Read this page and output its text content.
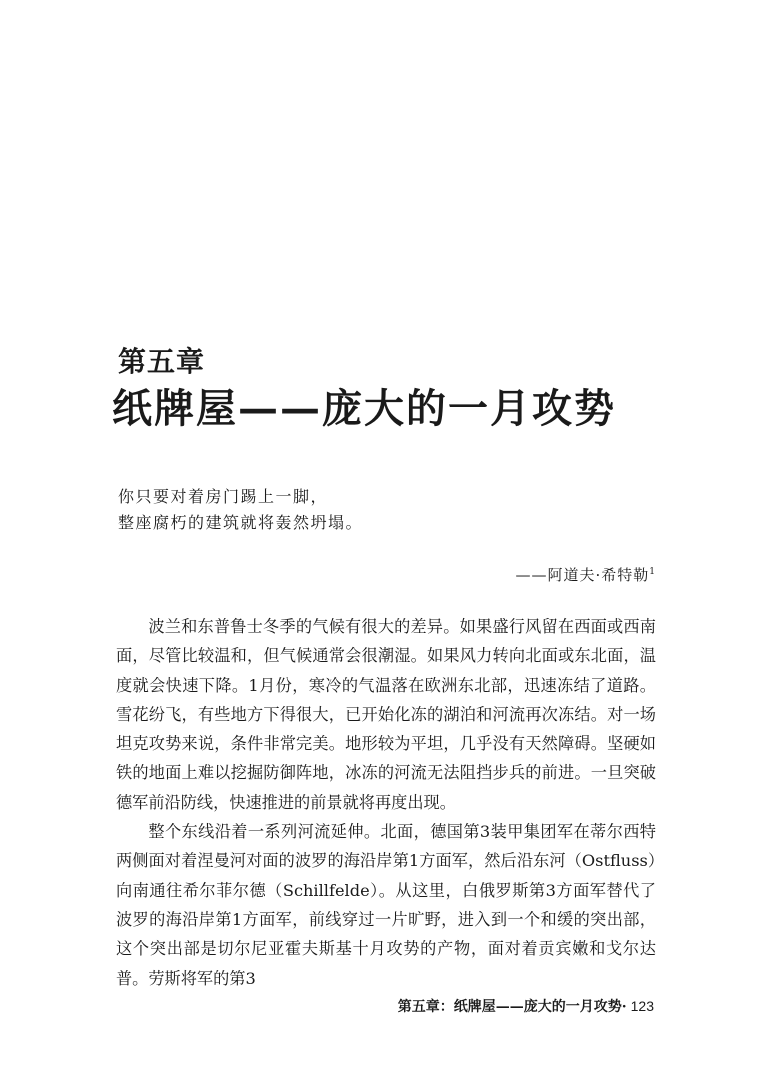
第五章
纸牌屋——庞大的一月攻势
你只要对着房门踢上一脚，
整座腐朽的建筑就将轰然坍塌。
——阿道夫·希特勒$^1$

波兰和东普鲁士冬季的气候有很大的差异。如果盛行风留在西面或西南面，尽管比较温和，但气候通常会很潮湿。如果风力转向北面或东北面，温度就会快速下降。1月份，寒冷的气温落在欧洲东北部，迅速冻结了道路。雪花纷飞，有些地方下得很大，已开始化冻的湖泊和河流再次冻结。对一场坦克攻势来说，条件非常完美。地形较为平坦，几乎没有天然障碍。坚硬如铁的地面上难以挖掘防御阵地，冰冻的河流无法阻挡步兵的前进。一旦突破德军前沿防线，快速推进的前景就将再度出现。

整个东线沿着一系列河流延伸。北面，德国第3装甲集团军在蒂尔西特两侧面对着涅曼河对面的波罗的海沿岸第1方面军，然后沿东河（Ostfluss）向南通往希尔菲尔德（Schillfelde）。从这里，白俄罗斯第3方面军替代了波罗的海沿岸第1方面军，前线穿过一片旷野，进入到一个和缓的突出部，这个突出部是切尔尼亚霍夫斯基十月攻势的产物，面对着贡宾嫩和戈尔达普。劳斯将军的第3

第五章：纸牌屋——庞大的一月攻势· 123
